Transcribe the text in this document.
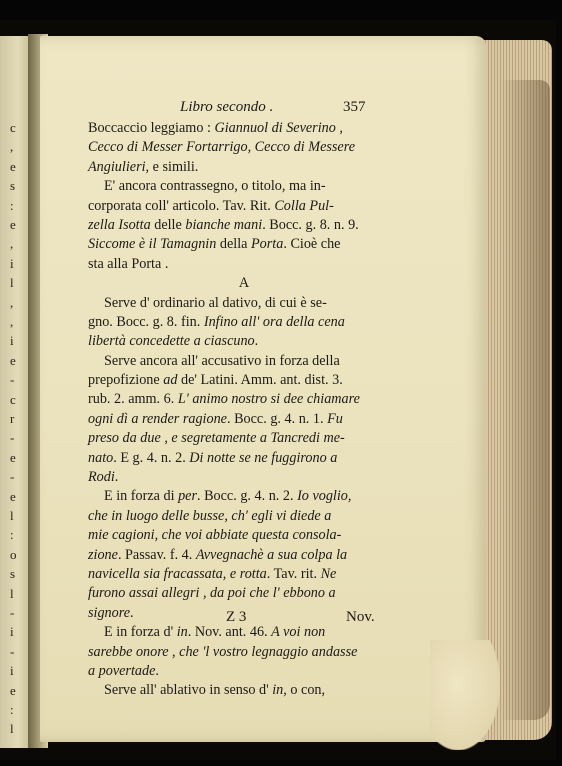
c
,
e
s
:
e
,
i
l
,
,
i
e
-
c
r
-
e
-
e
l
:
o
s
l
-
i
-
i
e
:
l
Libro secondo .	357
Boccaccio leggiamo : Giannuol di Severino ,
Cecco di Messer Fortarrigo, Cecco di Messere
Angiulieri, e simili.
E' ancora contrassegno, o titolo, ma in-
corporata coll' articolo. Tav. Rit. Colla Pul-
zella Isotta delle bianche mani. Bocc. g. 8. n. 9.
Siccome è il Tamagnin della Porta. Cioè che
sta alla Porta .
A
Serve d' ordinario al dativo, di cui è se-
gno. Bocc. g. 8. fin. Infino all' ora della cena
libertà concedette a ciascuno.
Serve ancora all' accusativo in forza della
prepofizione ad de' Latini. Amm. ant. dist. 3.
rub. 2. amm. 6. L' animo nostro si dee chiamare
ogni dì a render ragione. Bocc. g. 4. n. 1. Fu
preso da due , e segretamente a Tancredi me-
nato. E g. 4. n. 2. Di notte se ne fuggirono a
Rodi.
E in forza di per. Bocc. g. 4. n. 2. Io voglio,
che in luogo delle busse, ch' egli vi diede a
mie cagioni, che voi abbiate questa consola-
zione. Passav. f. 4. Avvegnachè a sua colpa la
navicella sia fracassata, e rotta. Tav. rit. Ne
furono assai allegri , da poi che l' ebbono a
signore.
E in forza d' in. Nov. ant. 46. A voi non
sarebbe onore , che 'l vostro legnaggio andasse
a povertade.
Serve all' ablativo in senso d' in, o con,
Z 3	Nov.
